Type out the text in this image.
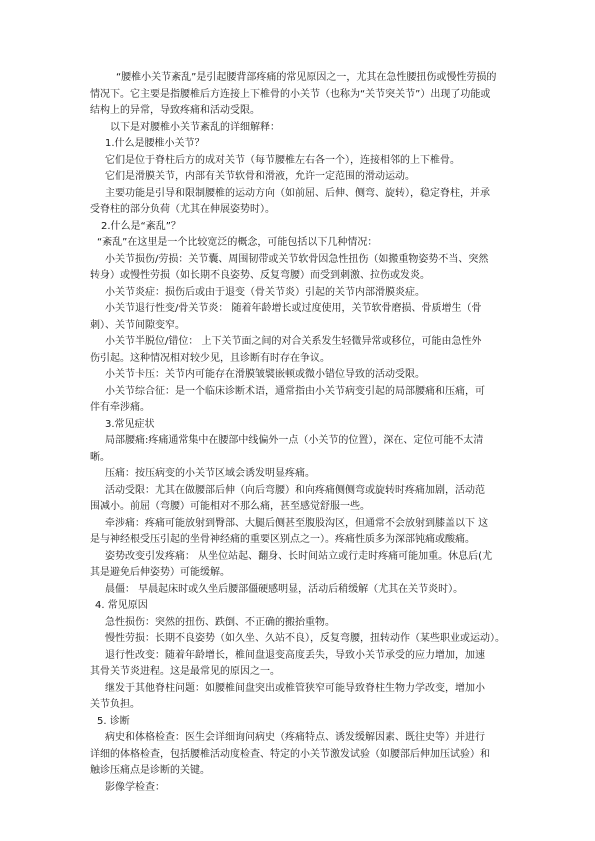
“腰椎小关节紊乱”是引起腰背部疼痛的常见原因之一，尤其在急性腰扭伤或慢性劳损的
情况下。它主要是指腰椎后方连接上下椎骨的小关节（也称为“关节突关节”）出现了功能或
结构上的异常，导致疼痛和活动受限。
以下是对腰椎小关节紊乱的详细解释：
1.什么是腰椎小关节？
它们是位于脊柱后方的成对关节（每节腰椎左右各一个），连接相邻的上下椎骨。
它们是滑膜关节，内部有关节软骨和滑液，允许一定范围的滑动运动。
主要功能是引导和限制腰椎的运动方向（如前屈、后伸、侧弯、旋转），稳定脊柱，并承
受脊柱的部分负荷（尤其在伸展姿势时）。
2.什么是“紊乱”？
“紊乱”在这里是一个比较宽泛的概念，可能包括以下几种情况：
小关节损伤/劳损：关节囊、周围韧带或关节软骨因急性扭伤（如搬重物姿势不当、突然
转身）或慢性劳损（如长期不良姿势、反复弯腰）而受到刺激、拉伤或发炎。
小关节炎症：损伤后或由于退变（骨关节炎）引起的关节内部滑膜炎症。
小关节退行性变/骨关节炎： 随着年龄增长或过度使用，关节软骨磨损、骨质增生（骨
刺）、关节间隙变窄。
小关节半脱位/错位： 上下关节面之间的对合关系发生轻微异常或移位，可能由急性外
伤引起。这种情况相对较少见，且诊断有时存在争议。
小关节卡压：关节内可能存在滑膜皱襞嵌顿或微小错位导致的活动受限。
小关节综合征：是一个临床诊断术语，通常指由小关节病变引起的局部腰痛和压痛，可
伴有牵涉痛。
3.常见症状
局部腰痛:疼痛通常集中在腰部中线偏外一点（小关节的位置），深在、定位可能不太清
晰。
压痛：按压病变的小关节区域会诱发明显疼痛。
活动受限：尤其在做腰部后伸（向后弯腰）和向疼痛侧侧弯或旋转时疼痛加剧，活动范
围减小。前屈（弯腰）可能相对不那么痛，甚至感觉舒服一些。
牵涉痛：疼痛可能放射到臀部、大腿后侧甚至腹股沟区，但通常不会放射到膝盖以下 这
是与神经根受压引起的坐骨神经痛的重要区别点之一）。疼痛性质多为深部钝痛或酸痛。
姿势改变引发疼痛： 从坐位站起、翻身、长时间站立或行走时疼痛可能加重。休息后(尤
其是避免后伸姿势）可能缓解。
晨僵： 早晨起床时或久坐后腰部僵硬感明显，活动后稍缓解（尤其在关节炎时）。
4. 常见原因
急性损伤：突然的扭伤、跌倒、不正确的搬抬重物。
慢性劳损：长期不良姿势（如久坐、久站不良），反复弯腰，扭转动作（某些职业或运动）。
退行性改变：随着年龄增长，椎间盘退变高度丢失，导致小关节承受的应力增加，加速
其骨关节炎进程。这是最常见的原因之一。
继发于其他脊柱问题：如腰椎间盘突出或椎管狭窄可能导致脊柱生物力学改变，增加小
关节负担。
5. 诊断
病史和体格检查：医生会详细询问病史（疼痛特点、诱发缓解因素、既往史等）并进行
详细的体格检查，包括腰椎活动度检查、特定的小关节激发试验（如腰部后伸加压试验）和
触诊压痛点是诊断的关键。
影像学检查：
